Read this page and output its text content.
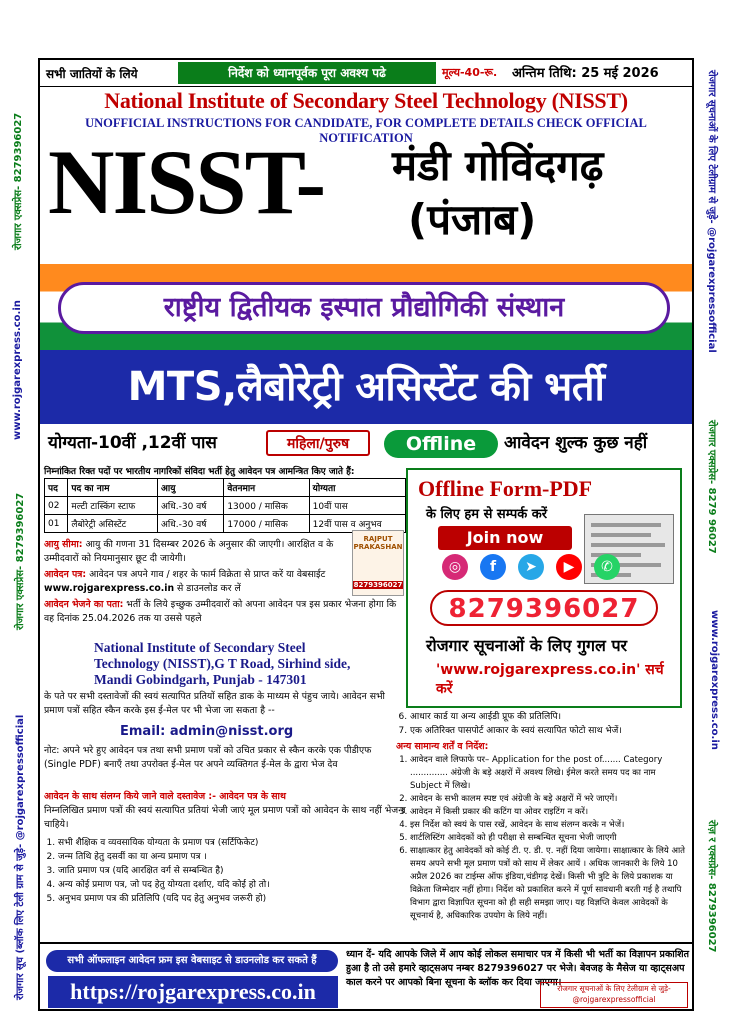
रोजगार एक्सप्रेस- 8279396027
www.rojgarexpress.co.in
रोजगार एक्सप्रेस- 8279396027
रोजगार सूच (ब्लॉक लिए टेली ग्राम से जुड़े- @rojgarexpressofficial
रोजगार सूचनाओं के लिए टेलीग्राम से जुड़े- @rojgarexpressofficial
रोजगार एक्सप्रेस- 8279 96027
www.rojgarexpress.co.in
रोज़ र एक्सप्रेस- 8279396027
सभी जातियों के लिये	निर्देश को ध्यानपूर्वक पूरा अवश्य पढे	मूल्य-40-रू. अन्तिम तिथि: 25 मई 2026
National Institute of Secondary Steel Technology (NISST)
UNOFFICIAL INSTRUCTIONS FOR CANDIDATE, FOR COMPLETE DETAILS CHECK OFFICIAL NOTIFICATION
NISST- मंडी गोविंदगढ़
(पंजाब)
राष्ट्रीय द्वितीयक इस्पात प्रौद्योगिकी संस्थान
MTS,लैबोरेट्री असिस्टेंट की भर्ती
योग्यता-10वीं ,12वीं पास	महिला/पुरुष	Offline	आवेदन शुल्क कुछ नहीं
निम्नांकित रिक्त पदों पर भारतीय नागरिकों संविदा भर्ती हेतु आवेदन पत्र आमन्त्रित किए जाते हैं:
पद	पद का नाम	आयु	वेतनमान	योग्यता
02	मल्टी टास्किंग स्टाफ	अधि.-30 वर्ष	13000 / मासिक	10वीं पास
01	लैबोरेट्री असिस्टेंट	अधि.-30 वर्ष	17000 / मासिक	12वीं पास व अनुभव
Offline Form-PDF
के लिए हम से सम्पर्क करें
Join now
◎	f	➤	▶	✆
8279396027
रोजगार सूचनाओं के लिए गुगल पर
'www.rojgarexpress.co.in' सर्च करें
RAJPUT PRAKASHAN
8279396027
आयु सीमा: आयु की गणना 31 दिसम्बर 2026 के अनुसार की जाएगी। आरक्षित व के उम्मीदवारों को नियमानुसार छूट दी जायेगी।
आवेदन पत्र: आवेदन पत्र अपने गाव / शहर के फार्म विक्रेता से प्राप्त करें या वेबसाईट www.rojgarexpress.co.in से डाउनलोड कर लें
आवेदन भेजने का पता: भर्ती के लिये इच्छुक उम्मीदवारों को अपना आवेदन पत्र इस प्रकार भेजना होगा कि वह दिनांक 25.04.2026 तक या उससे पहले
National Institute of Secondary Steel Technology (NISST),G T Road, Sirhind side, Mandi Gobindgarh, Punjab - 147301
के पते पर सभी दस्तावेजों की स्वयं सत्यापित प्रतियों सहित डाक के माध्यम से पंहुच जाये। आवेदन सभी प्रमाण पत्रों सहित स्कैन करके इस ई-मेल पर भी भेजा जा सकता है --
Email: admin@nisst.org
नोट: अपने भरे हुए आवेदन पत्र तथा सभी प्रमाण पत्रों को उचित प्रकार से स्कैन करके एक पीडीएफ (Single PDF) बनाएँ तथा उपरोक्त ई-मेल पर अपने व्यक्तिगत ई-मेल के द्वारा भेज देव
आवेदन के साथ संलग्न किये जाने वाले दस्तावेज :- आवेदन पत्र के साथ
निम्नलिखित प्रमाण पत्रों की स्वयं सत्यापित प्रतियां भेजी जाएं मूल प्रमाण पत्रों को आवेदन के साथ नहीं भेजना चाहिये।
1. सभी शैक्षिक व व्यवसायिक योग्यता के प्रमाण पत्र (सर्टिफिकेट)
2. जन्म तिथि हेतु दसवीं का या अन्य प्रमाण पत्र ।
3. जाति प्रमाण पत्र (यदि आरक्षित वर्ग से सम्बन्धित है)
4. अन्य कोई प्रमाण पत्र, जो पद हेतु योग्यता दर्शाए, यदि कोई हो तो।
5. अनुभव प्रमाण पत्र की प्रतिलिपि (यदि पद हेतु अनुभव जरूरी हो)
6. आधार कार्ड या अन्य आईडी प्रूफ की प्रतिलिपि।
7. एक अतिरिक्त पासपोर्ट आकार के स्वयं सत्यापित फोटो साथ भेजें।
अन्य सामान्य शर्तें व निर्देश:
1. आवेदन वाले लिफाफे पर– Application for the post of....... Category .............. अंग्रेजी के बड़े अक्षरों में अवश्य लिखे। ईमेल करते समय पद का नाम Subject में लिखे।
2. आवेदन के सभी कालम स्पष्ट एवं अंग्रेजी के बड़े अक्षरों में भरे जाएगें।
3. आवेदन में किसी प्रकार की कटिंग या ओवर राइटिंग न करें।
4. इस निर्देश को स्वयं के पास रखें, आवेदन के साथ संलग्न करके न भेजें।
5. शार्टलिस्टिंग आवेदकों को ही परीक्षा से सम्बन्धित सूचना भेजी जाएगी
6. साक्षात्कार हेतु आवेदकों को कोई टी. ए. डी. ए. नहीं दिया जायेगा। साक्षात्कार के लिये आते समय अपने सभी मूल प्रमाण पत्रों को साथ में लेकर आयें । अधिक जानकारी के लिये 10 अप्रैल 2026 का टाईम्स ऑफ इंडिया,चंडीगढ़ देखें। किसी भी त्रुटि के लिये प्रकाशक या विक्रेता जिम्मेदार नहीं होगा। निर्देश को प्रकाशित करने में पूर्ण सावधानी बरती गई है तथापि विभाग द्वारा विज्ञापित सूचना को ही सही समझा जाए। यह विज्ञप्ति केवल आवेदकों के सूचनार्थ है, अधिकारिक उपयोग के लिये नहीं।
सभी ऑफलाइन आवेदन फ्रम इस वेबसाइट से डाउनलोड कर सकते हैं
https://rojgarexpress.co.in
ध्यान दें- यदि आपके जिले में आप कोई लोकल समाचार पत्र में किसी भी भर्ती का विज्ञापन प्रकाशित हुआ है तो उसे हमारे व्हाट्सअप नम्बर 8279396027 पर भेजे। बेवजह के मैसेज या व्हाट्सअप काल करने पर आपको बिना सूचना के ब्लॉक कर दिया जाएगा।
रोजगार सूचनाओं के लिए टेलीग्राम से जुड़े- @rojgarexpressofficial
